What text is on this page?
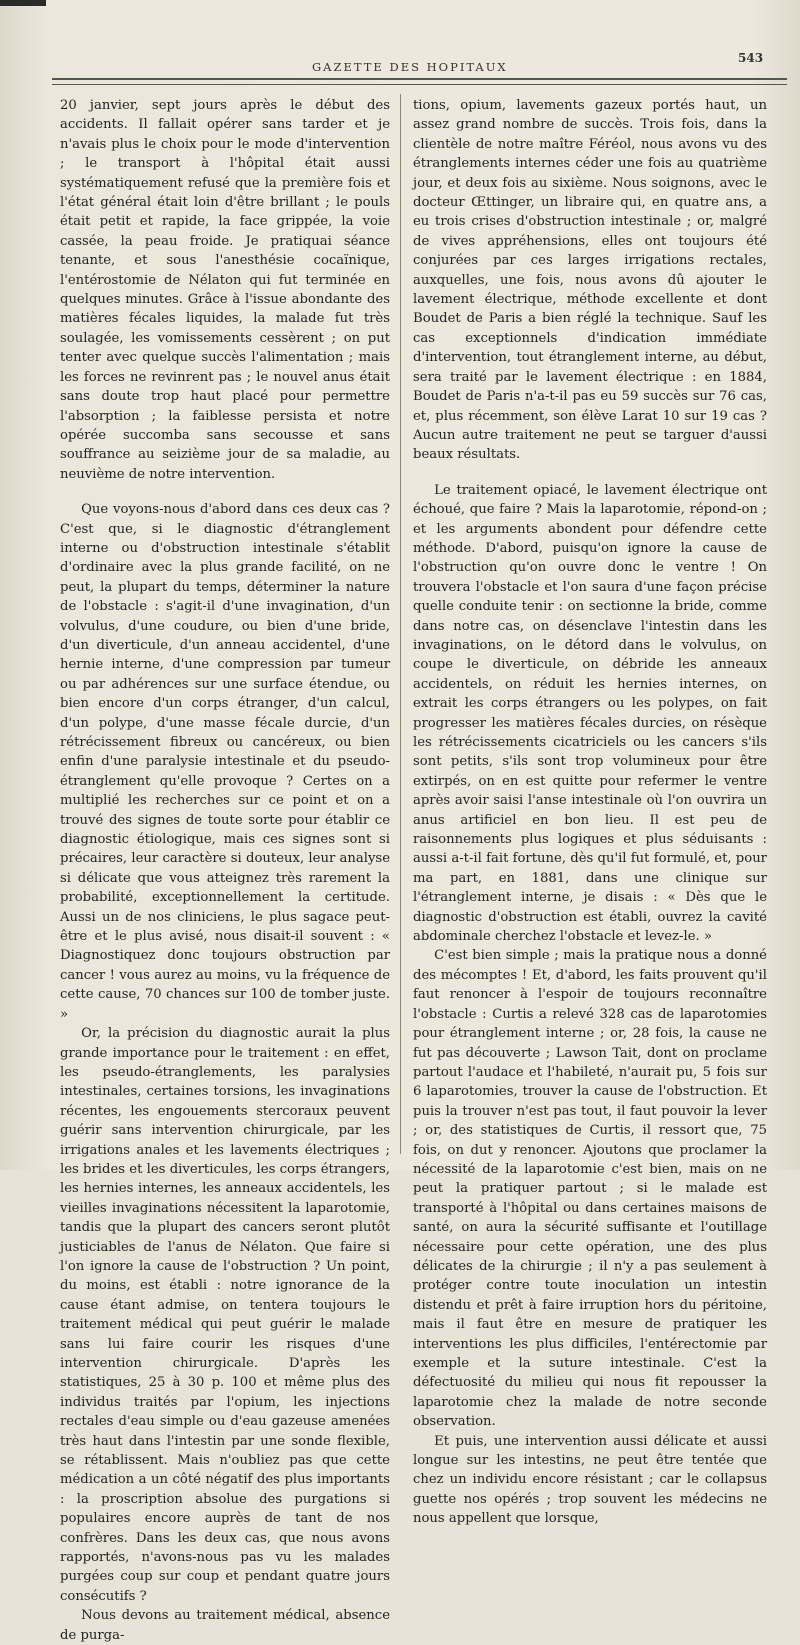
GAZETTE DES HOPITAUX
543

20 janvier, sept jours après le début des accidents. Il fallait opérer sans tarder et je n'avais plus le choix pour le mode d'intervention ; le transport à l'hôpital était aussi systématiquement refusé que la première fois et l'état général était loin d'être brillant ; le pouls était petit et rapide, la face grippée, la voie cassée, la peau froide. Je pratiquai séance tenante, et sous l'anesthésie cocaïnique, l'entérostomie de Nélaton qui fut terminée en quelques minutes. Grâce à l'issue abondante des matières fécales liquides, la malade fut très soulagée, les vomissements cessèrent ; on put tenter avec quelque succès l'alimentation ; mais les forces ne revinrent pas ; le nouvel anus était sans doute trop haut placé pour permettre l'absorption ; la faiblesse persista et notre opérée succomba sans secousse et sans souffrance au seizième jour de sa maladie, au neuvième de notre intervention.

Que voyons-nous d'abord dans ces deux cas ? C'est que, si le diagnostic d'étranglement interne ou d'obstruction intestinale s'établit d'ordinaire avec la plus grande facilité, on ne peut, la plupart du temps, déterminer la nature de l'obstacle : s'agit-il d'une invagination, d'un volvulus, d'une coudure, ou bien d'une bride, d'un diverticule, d'un anneau accidentel, d'une hernie interne, d'une compression par tumeur ou par adhérences sur une surface étendue, ou bien encore d'un corps étranger, d'un calcul, d'un polype, d'une masse fécale durcie, d'un rétrécissement fibreux ou cancéreux, ou bien enfin d'une paralysie intestinale et du pseudo-étranglement qu'elle provoque ? Certes on a multiplié les recherches sur ce point et on a trouvé des signes de toute sorte pour établir ce diagnostic étiologique, mais ces signes sont si précaires, leur caractère si douteux, leur analyse si délicate que vous atteignez très rarement la probabilité, exceptionnellement la certitude. Aussi un de nos cliniciens, le plus sagace peut-être et le plus avisé, nous disait-il souvent : « Diagnostiquez donc toujours obstruction par cancer ! vous aurez au moins, vu la fréquence de cette cause, 70 chances sur 100 de tomber juste. »

Or, la précision du diagnostic aurait la plus grande importance pour le traitement : en effet, les pseudo-étranglements, les paralysies intestinales, certaines torsions, les invaginations récentes, les engouements stercoraux peuvent guérir sans intervention chirurgicale, par les irrigations anales et les lavements électriques ; les brides et les diverticules, les corps étrangers, les hernies internes, les anneaux accidentels, les vieilles invaginations nécessitent la laparotomie, tandis que la plupart des cancers seront plutôt justiciables de l'anus de Nélaton. Que faire si l'on ignore la cause de l'obstruction ? Un point, du moins, est établi : notre ignorance de la cause étant admise, on tentera toujours le traitement médical qui peut guérir le malade sans lui faire courir les risques d'une intervention chirurgicale. D'après les statistiques, 25 à 30 p. 100 et même plus des individus traités par l'opium, les injections rectales d'eau simple ou d'eau gazeuse amenées très haut dans l'intestin par une sonde flexible, se rétablissent. Mais n'oubliez pas que cette médication a un côté négatif des plus importants : la proscription absolue des purgations si populaires encore auprès de tant de nos confrères. Dans les deux cas, que nous avons rapportés, n'avons-nous pas vu les malades purgées coup sur coup et pendant quatre jours consécutifs ?

Nous devons au traitement médical, absence de purga-

tions, opium, lavements gazeux portés haut, un assez grand nombre de succès. Trois fois, dans la clientèle de notre maître Féréol, nous avons vu des étranglements internes céder une fois au quatrième jour, et deux fois au sixième. Nous soignons, avec le docteur Œttinger, un libraire qui, en quatre ans, a eu trois crises d'obstruction intestinale ; or, malgré de vives appréhensions, elles ont toujours été conjurées par ces larges irrigations rectales, auxquelles, une fois, nous avons dû ajouter le lavement électrique, méthode excellente et dont Boudet de Paris a bien réglé la technique. Sauf les cas exceptionnels d'indication immédiate d'intervention, tout étranglement interne, au début, sera traité par le lavement électrique : en 1884, Boudet de Paris n'a-t-il pas eu 59 succès sur 76 cas, et, plus récemment, son élève Larat 10 sur 19 cas ? Aucun autre traitement ne peut se targuer d'aussi beaux résultats.

Le traitement opiacé, le lavement électrique ont échoué, que faire ? Mais la laparotomie, répond-on ; et les arguments abondent pour défendre cette méthode. D'abord, puisqu'on ignore la cause de l'obstruction qu'on ouvre donc le ventre ! On trouvera l'obstacle et l'on saura d'une façon précise quelle conduite tenir : on sectionne la bride, comme dans notre cas, on désenclave l'intestin dans les invaginations, on le détord dans le volvulus, on coupe le diverticule, on débride les anneaux accidentels, on réduit les hernies internes, on extrait les corps étrangers ou les polypes, on fait progresser les matières fécales durcies, on résèque les rétrécissements cicatriciels ou les cancers s'ils sont petits, s'ils sont trop volumineux pour être extirpés, on en est quitte pour refermer le ventre après avoir saisi l'anse intestinale où l'on ouvrira un anus artificiel en bon lieu. Il est peu de raisonnements plus logiques et plus séduisants : aussi a-t-il fait fortune, dès qu'il fut formulé, et, pour ma part, en 1881, dans une clinique sur l'étranglement interne, je disais : « Dès que le diagnostic d'obstruction est établi, ouvrez la cavité abdominale cherchez l'obstacle et levez-le. »

C'est bien simple ; mais la pratique nous a donné des mécomptes ! Et, d'abord, les faits prouvent qu'il faut renoncer à l'espoir de toujours reconnaître l'obstacle : Curtis a relevé 328 cas de laparotomies pour étranglement interne ; or, 28 fois, la cause ne fut pas découverte ; Lawson Tait, dont on proclame partout l'audace et l'habileté, n'aurait pu, 5 fois sur 6 laparotomies, trouver la cause de l'obstruction. Et puis la trouver n'est pas tout, il faut pouvoir la lever ; or, des statistiques de Curtis, il ressort que, 75 fois, on dut y renoncer. Ajoutons que proclamer la nécessité de la laparotomie c'est bien, mais on ne peut la pratiquer partout ; si le malade est transporté à l'hôpital ou dans certaines maisons de santé, on aura la sécurité suffisante et l'outillage nécessaire pour cette opération, une des plus délicates de la chirurgie ; il n'y a pas seulement à protéger contre toute inoculation un intestin distendu et prêt à faire irruption hors du péritoine, mais il faut être en mesure de pratiquer les interventions les plus difficiles, l'entérectomie par exemple et la suture intestinale. C'est la défectuosité du milieu qui nous fit repousser la laparotomie chez la malade de notre seconde observation.

Et puis, une intervention aussi délicate et aussi longue sur les intestins, ne peut être tentée que chez un individu encore résistant ; car le collapsus guette nos opérés ; trop souvent les médecins ne nous appellent que lorsque,
